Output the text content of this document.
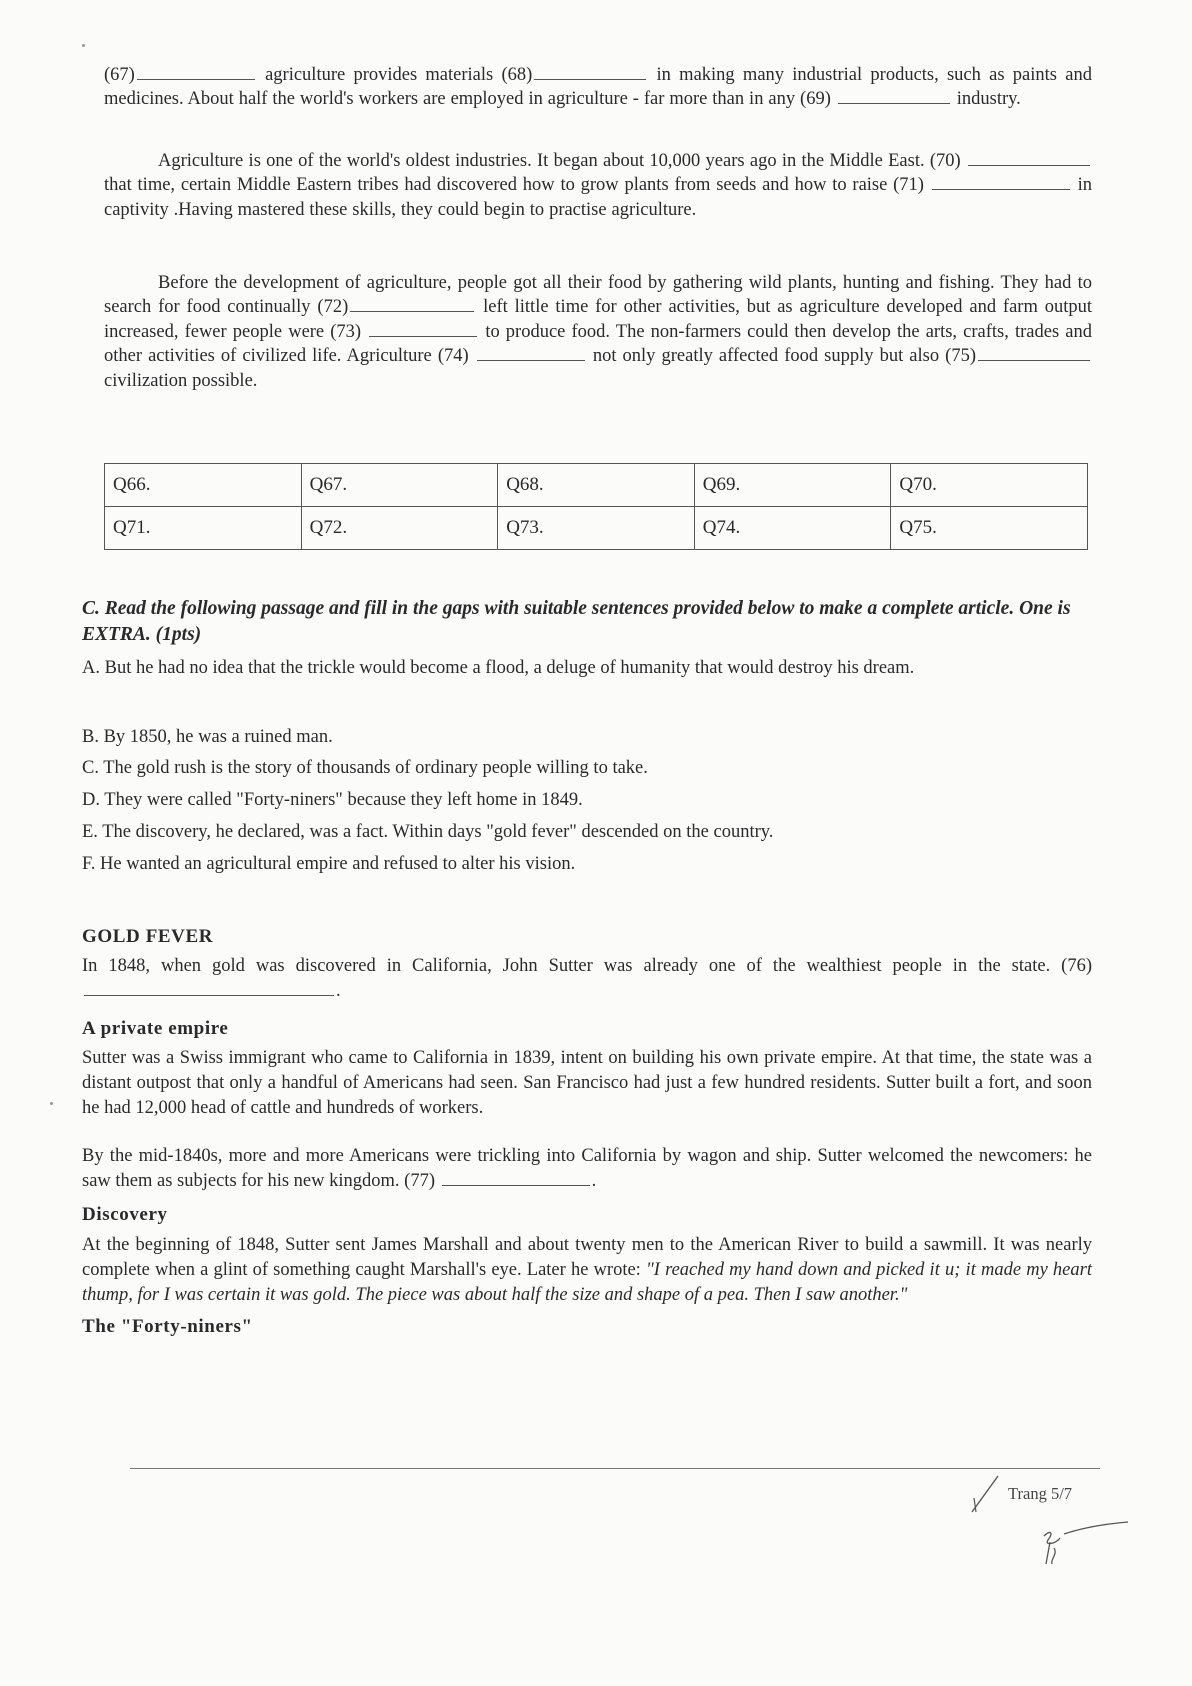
(67)	agriculture provides materials (68)	in making many industrial products, such as paints and medicines. About half the world's workers are employed in agriculture - far more than in any (69)	industry.
Agriculture is one of the world's oldest industries. It began about 10,000 years ago in the Middle East. (70)  that time, certain Middle Eastern tribes had discovered how to grow plants from seeds and how to raise (71)	in captivity .Having mastered these skills, they could begin to practise agriculture.
Before the development of agriculture, people got all their food by gathering wild plants, hunting and fishing. They had to search for food continually (72)	left little time for other activities, but as agriculture developed and farm output increased, fewer people were (73)	to produce food. The non-farmers could then develop the arts, crafts, trades and other activities of civilized life. Agriculture (74)	not only greatly affected food supply but also (75) civilization possible.
Q66.	Q67.	Q68.	Q69.	Q70.
Q71.	Q72.	Q73.	Q74.	Q75.
C. Read the following passage and fill in the gaps with suitable sentences provided below to make a complete article. One is EXTRA. (1pts)
A. But he had no idea that the trickle would become a flood, a deluge of humanity that would destroy his dream.
B. By 1850, he was a ruined man.
C. The gold rush is the story of thousands of ordinary people willing to take.
D. They were called "Forty-niners" because they left home in 1849.
E. The discovery, he declared, was a fact. Within days "gold fever" descended on the country.
F. He wanted an agricultural empire and refused to alter his vision.
GOLD FEVER
In 1848, when gold was discovered in California, John Sutter was already one of the wealthiest people in the state. (76) .
A private empire
Sutter was a Swiss immigrant who came to California in 1839, intent on building his own private empire. At that time, the state was a distant outpost that only a handful of Americans had seen. San Francisco had just a few hundred residents. Sutter built a fort, and soon he had 12,000 head of cattle and hundreds of workers.
By the mid-1840s, more and more Americans were trickling into California by wagon and ship. Sutter welcomed the newcomers: he saw them as subjects for his new kingdom. (77)	.
Discovery
At the beginning of 1848, Sutter sent James Marshall and about twenty men to the American River to build a sawmill. It was nearly complete when a glint of something caught Marshall's eye. Later he wrote: "I reached my hand down and picked it u; it made my heart thump, for I was certain it was gold. The piece was about half the size and shape of a pea. Then I saw another."
The "Forty-niners"
Trang 5/7
